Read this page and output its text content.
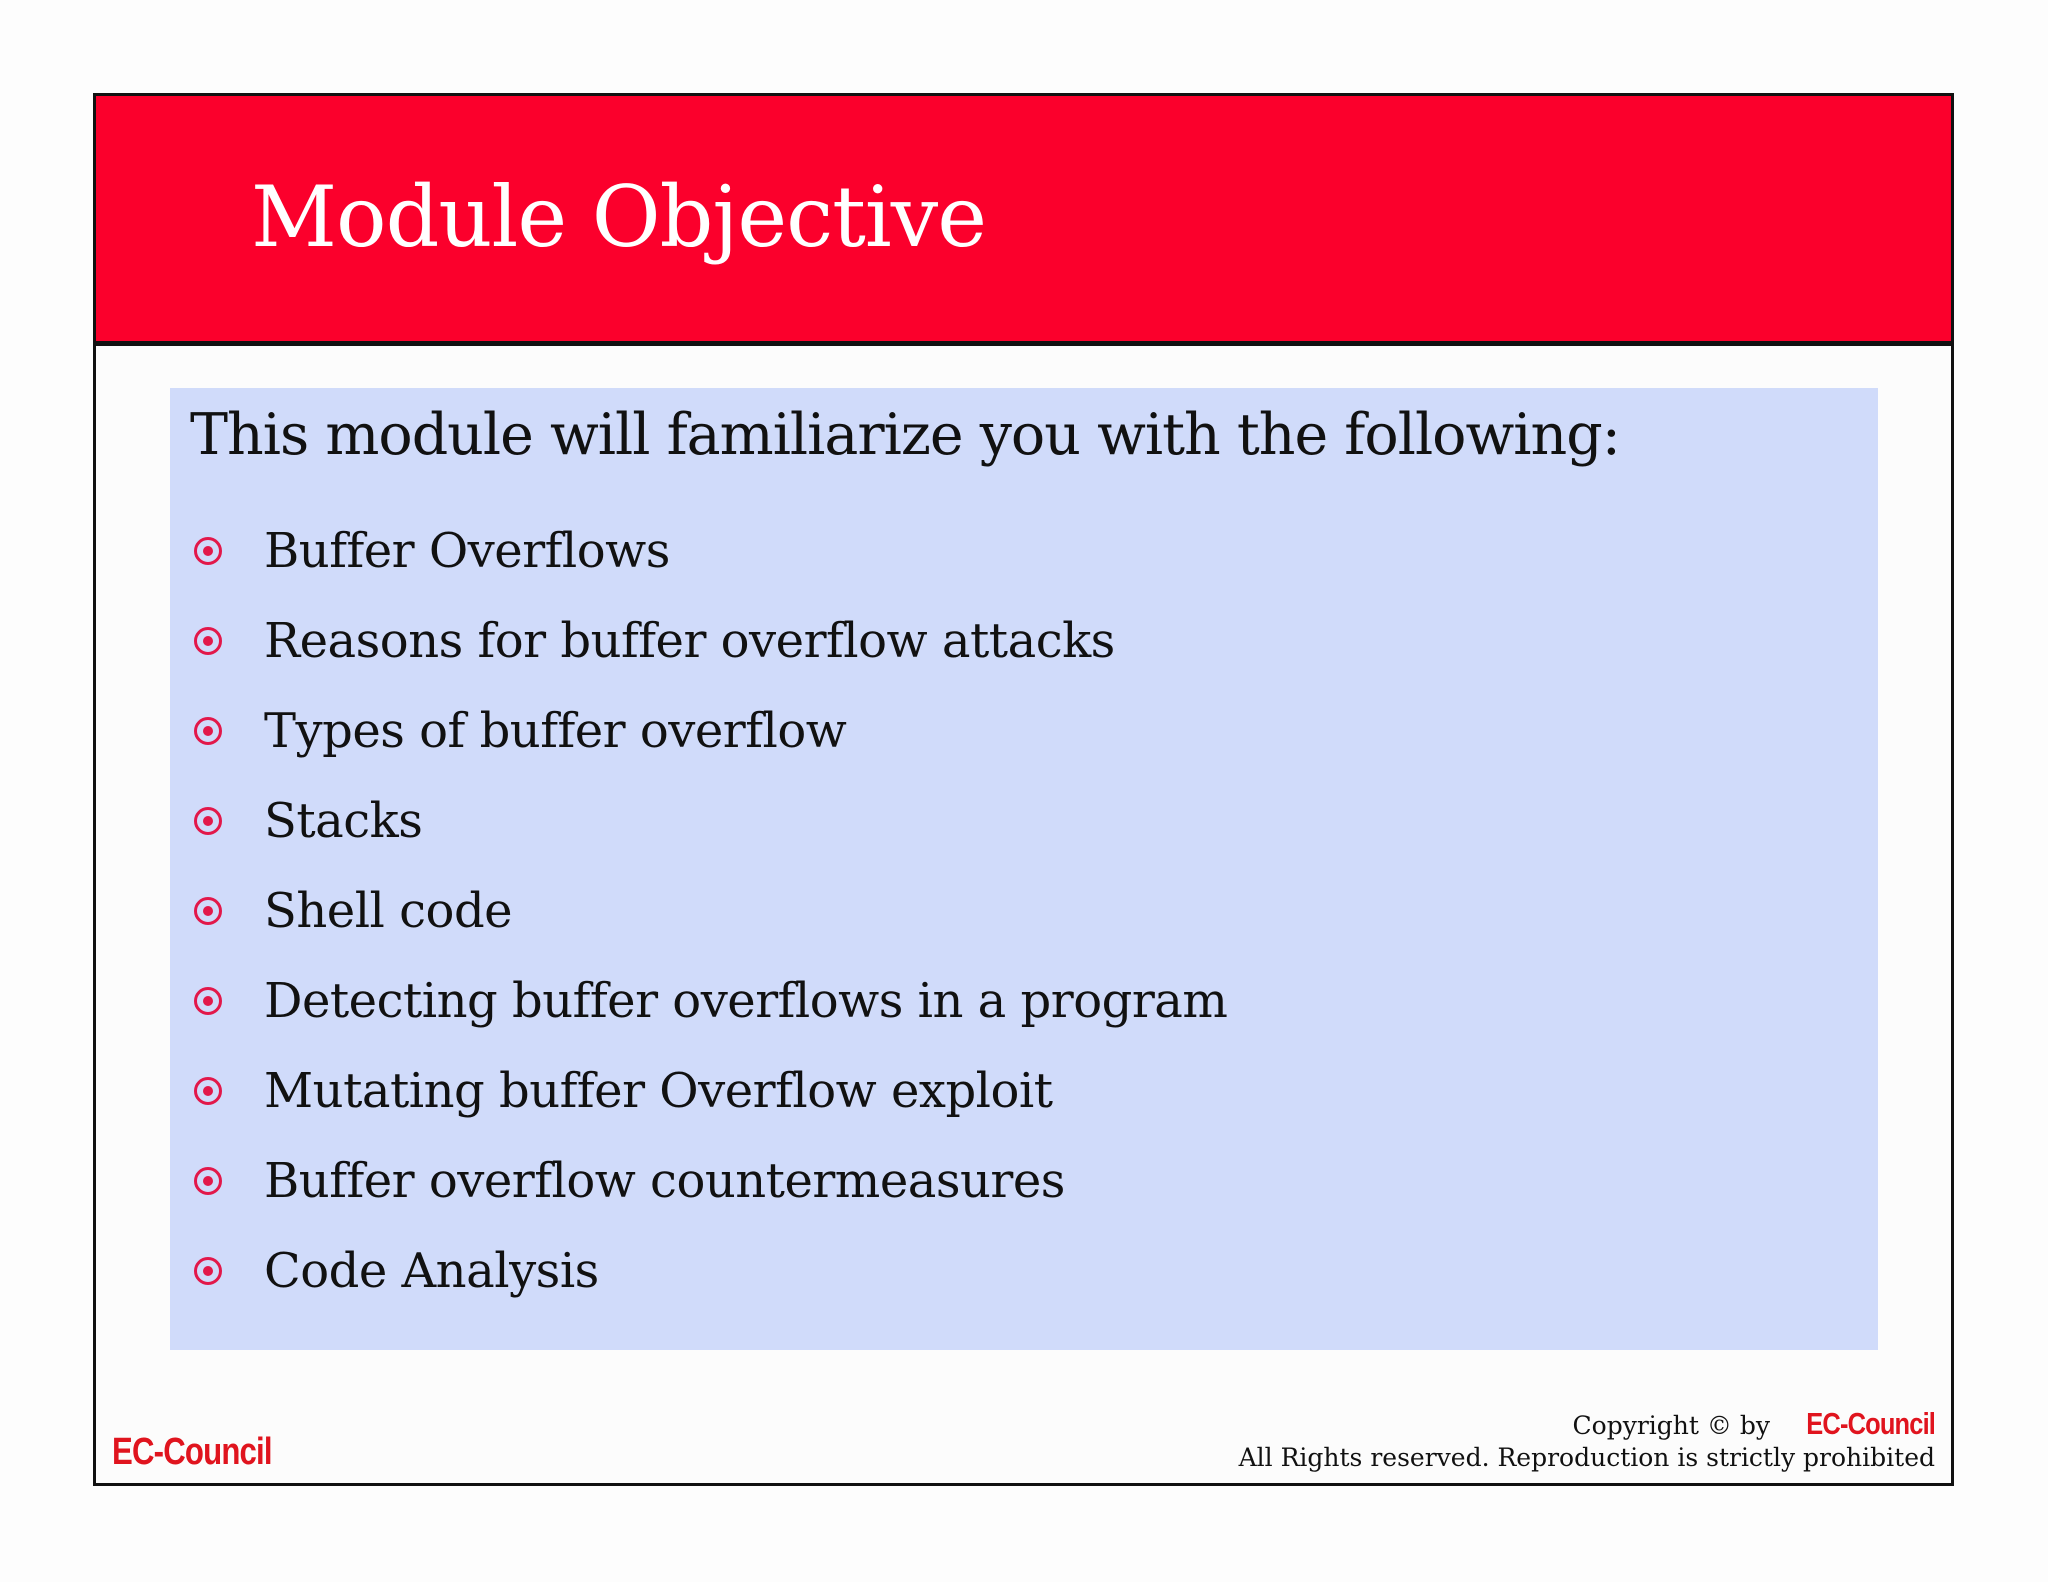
Module Objective

This module will familiarize you with the following:

Buffer Overflows
Reasons for buffer overflow attacks
Types of buffer overflow
Stacks
Shell code
Detecting buffer overflows in a program
Mutating buffer Overflow exploit
Buffer overflow countermeasures
Code Analysis
EC-Council
Copyright © by EC-Council
All Rights reserved. Reproduction is strictly prohibited
